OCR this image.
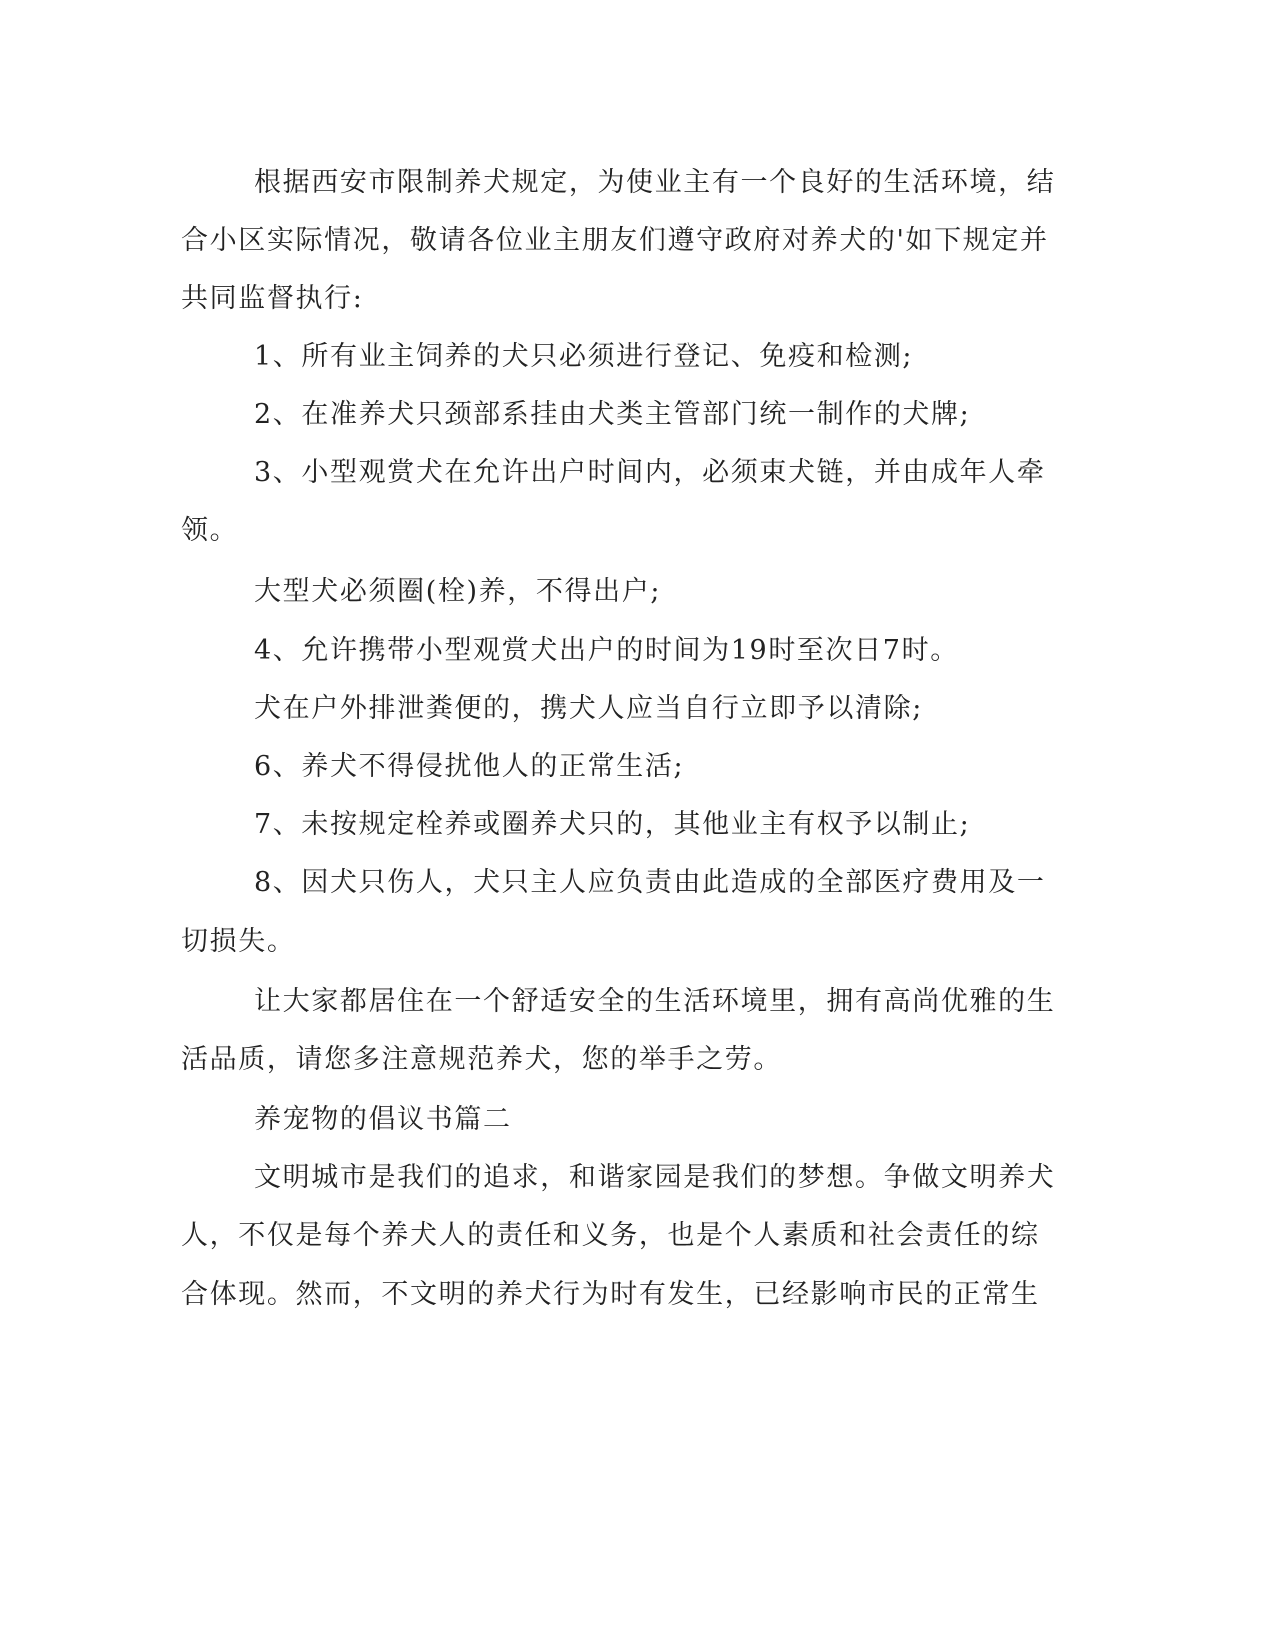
根据西安市限制养犬规定，为使业主有一个良好的生活环境，结
合小区实际情况，敬请各位业主朋友们遵守政府对养犬的'如下规定并
共同监督执行:
1、所有业主饲养的犬只必须进行登记、免疫和检测;
2、在准养犬只颈部系挂由犬类主管部门统一制作的犬牌;
3、小型观赏犬在允许出户时间内，必须束犬链，并由成年人牵
领。
大型犬必须圈(栓)养，不得出户;
4、允许携带小型观赏犬出户的时间为19时至次日7时。
犬在户外排泄粪便的，携犬人应当自行立即予以清除;
6、养犬不得侵扰他人的正常生活;
7、未按规定栓养或圈养犬只的，其他业主有权予以制止;
8、因犬只伤人，犬只主人应负责由此造成的全部医疗费用及一
切损失。
让大家都居住在一个舒适安全的生活环境里，拥有高尚优雅的生
活品质，请您多注意规范养犬，您的举手之劳。
养宠物的倡议书篇二
文明城市是我们的追求，和谐家园是我们的梦想。争做文明养犬
人，不仅是每个养犬人的责任和义务，也是个人素质和社会责任的综
合体现。然而，不文明的养犬行为时有发生，已经影响市民的正常生
